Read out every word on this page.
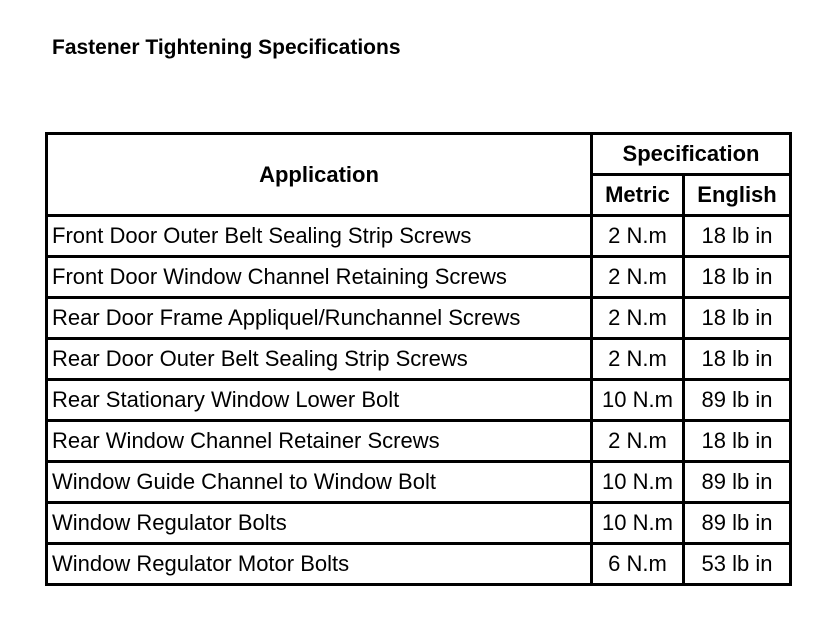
Fastener Tightening Specifications
Application	Specification	
	Metric	English
Front Door Outer Belt Sealing Strip Screws	2 N.m	18 lb in
Front Door Window Channel Retaining Screws	2 N.m	18 lb in
Rear Door Frame Appliquel/Runchannel Screws	2 N.m	18 lb in
Rear Door Outer Belt Sealing Strip Screws	2 N.m	18 lb in
Rear Stationary Window Lower Bolt	10 N.m	89 lb in
Rear Window Channel Retainer Screws	2 N.m	18 lb in
Window Guide Channel to Window Bolt	10 N.m	89 lb in
Window Regulator Bolts	10 N.m	89 lb in
Window Regulator Motor Bolts	6 N.m	53 lb in
